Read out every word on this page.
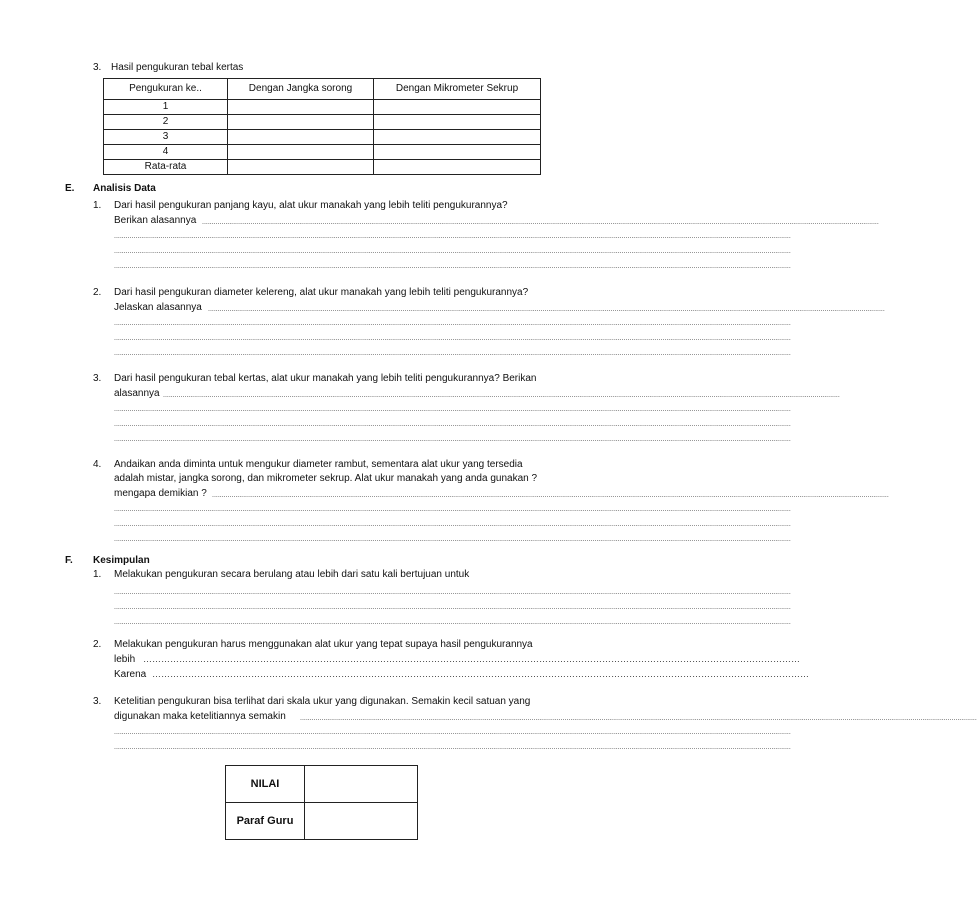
3. Hasil pengukuran tebal kertas
Pengukuran ke..	Dengan Jangka sorong	Dengan Mikrometer Sekrup
1		
2		
3		
4		
Rata-rata		
E. Analisis Data
1. Dari hasil pengukuran panjang kayu, alat ukur manakah yang lebih teliti pengukurannya?
Berikan alasannya ............................................................................................................................................................................................................................................................................................................................................................
............................................................................................................................................................................................................................................................................................................................................................
............................................................................................................................................................................................................................................................................................................................................................
............................................................................................................................................................................................................................................................................................................................................................
2. Dari hasil pengukuran diameter kelereng, alat ukur manakah yang lebih teliti pengukurannya?
Jelaskan alasannya ............................................................................................................................................................................................................................................................................................................................................................
............................................................................................................................................................................................................................................................................................................................................................
............................................................................................................................................................................................................................................................................................................................................................
............................................................................................................................................................................................................................................................................................................................................................
3. Dari hasil pengukuran tebal kertas, alat ukur manakah yang lebih teliti pengukurannya? Berikan
alasannya ............................................................................................................................................................................................................................................................................................................................................................
............................................................................................................................................................................................................................................................................................................................................................
............................................................................................................................................................................................................................................................................................................................................................
............................................................................................................................................................................................................................................................................................................................................................
4. Andaikan anda diminta untuk mengukur diameter rambut, sementara alat ukur yang tersedia
adalah mistar, jangka sorong, dan mikrometer sekrup. Alat ukur manakah yang anda gunakan ?
mengapa demikian ? ............................................................................................................................................................................................................................................................................................................................................................
............................................................................................................................................................................................................................................................................................................................................................
............................................................................................................................................................................................................................................................................................................................................................
............................................................................................................................................................................................................................................................................................................................................................
F. Kesimpulan
1. Melakukan pengukuran secara berulang atau lebih dari satu kali bertujuan untuk
............................................................................................................................................................................................................................................................................................................................................................
............................................................................................................................................................................................................................................................................................................................................................
............................................................................................................................................................................................................................................................................................................................................................
2. Melakukan pengukuran harus menggunakan alat ukur yang tepat supaya hasil pengukurannya
lebih …………………………………………………………………………………………………………………………………………………………………………………………………
Karena …………………………………………………………………………………………………………………………………………………………………………………………………
3. Ketelitian pengukuran bisa terlihat dari skala ukur yang digunakan. Semakin kecil satuan yang
digunakan maka ketelitiannya semakin ............................................................................................................................................................................................................................................................................................................................................................
............................................................................................................................................................................................................................................................................................................................................................
............................................................................................................................................................................................................................................................................................................................................................
NILAI	
Paraf Guru	
